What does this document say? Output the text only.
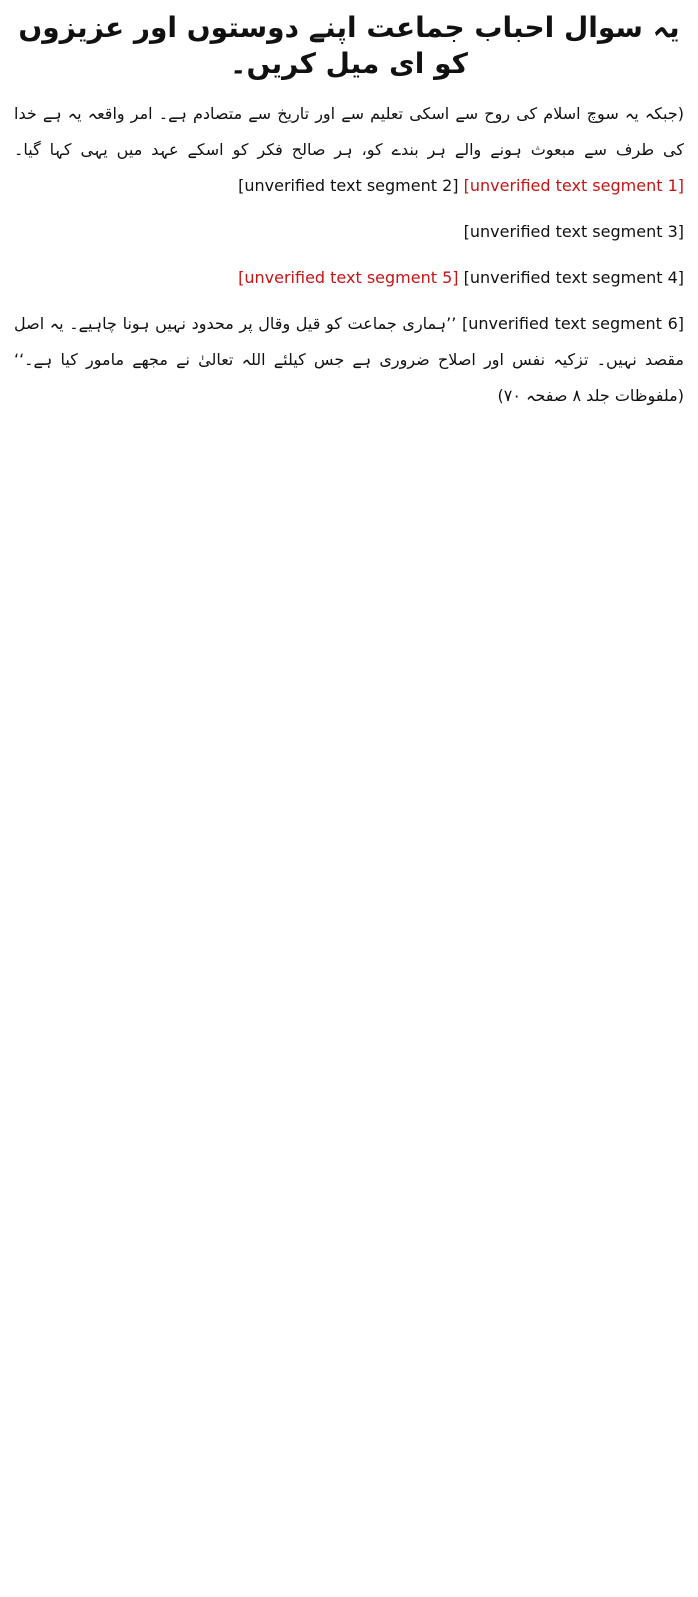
یہ سوال احباب جماعت اپنے دوستوں اور عزیزوں کو ای میل کریں۔

(جبکہ یہ سوچ اسلام کی روح سے اسکی تعلیم سے اور تاریخ سے متصادم ہے۔ امر واقعہ یہ ہے خدا کی طرف سے مبعوث ہونے والے ہر بندے کو، ہر صالح فکر کو اسکے عہد میں یہی کہا گیا۔ [unverified text segment 1] [unverified text segment 2]

[unverified text segment 3]

[unverified text segment 4] [unverified text segment 5]

[unverified text segment 6] ’’ہماری جماعت کو قیل وقال پر محدود نہیں ہونا چاہیے۔ یہ اصل مقصد نہیں۔ تزکیہ نفس اور اصلاح ضروری ہے جس کیلئے اللہ تعالیٰ نے مجھے مامور کیا ہے۔‘‘ (ملفوظات جلد ۸ صفحہ ۷۰)
